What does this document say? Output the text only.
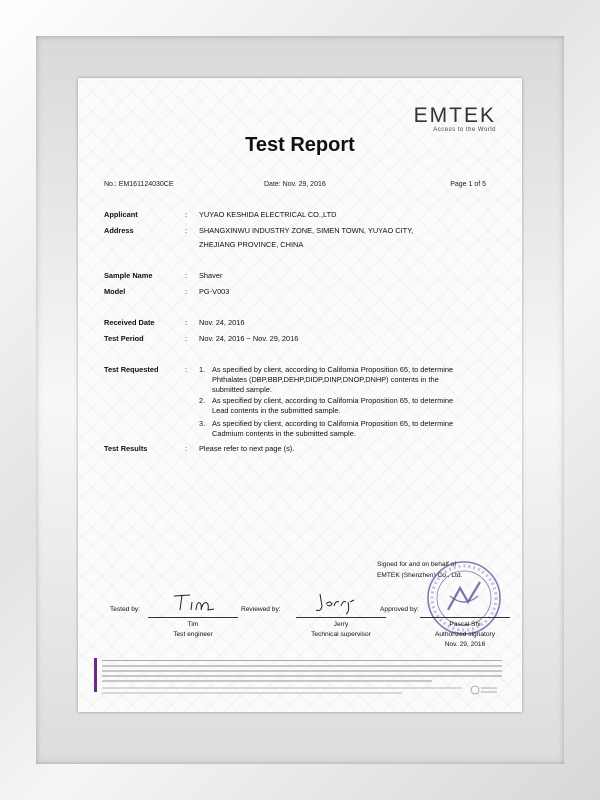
EMTEK
Access to the World
Test Report
No.: EM161124030CE	Date: Nov. 29, 2016	Page 1 of 5
Applicant	: YUYAO KESHIDA ELECTRICAL CO.,LTD
Address	: SHANGXINWU INDUSTRY ZONE, SIMEN TOWN, YUYAO CITY,
ZHEJIANG PROVINCE, CHINA
Sample Name	: Shaver
Model	: PG-V003
Received Date	: Nov. 24, 2016
Test Period	: Nov. 24, 2016 ~ Nov. 29, 2016
Test Requested	: 1. As specified by client, according to California Proposition 65, to determine
Phthalates (DBP,BBP,DEHP,DIDP,DINP,DNOP,DNHP) contents in the
submitted sample.
2. As specified by client, according to California Proposition 65, to determine
Lead contents in the submitted sample.
3. As specified by client, according to California Proposition 65, to determine
Cadmium contents in the submitted sample.
Test Results	: Please refer to next page (s).
Signed for and on behalf of
EMTEK (Shenzhen) Co., Ltd.
Tested by:
Tim
Test engineer
Reviewed by:
Jerry
Technical supervisor
Approved by:
Pascal Shi
Authorized signatory
Nov. 29, 2016
